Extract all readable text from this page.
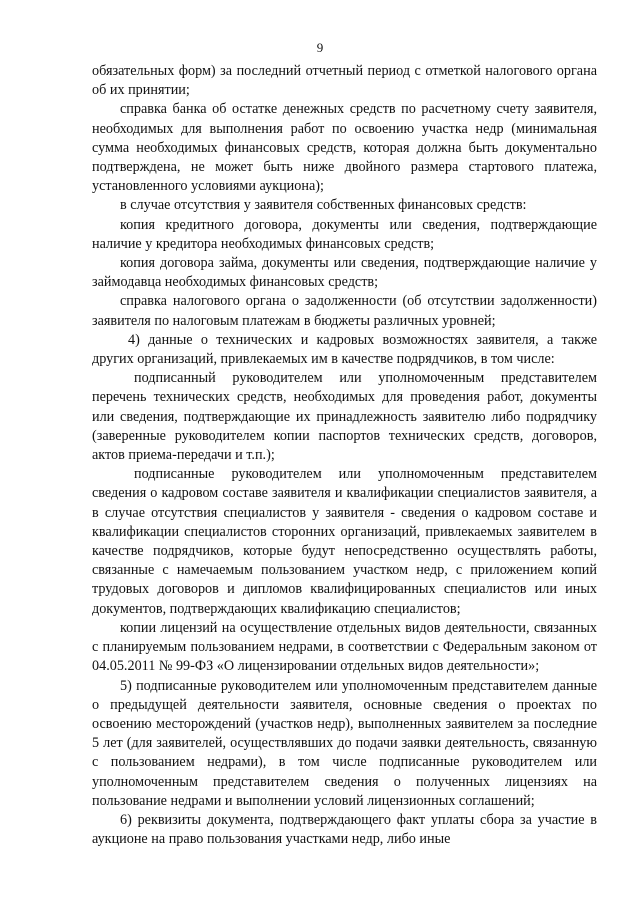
9

обязательных форм) за последний отчетный период с отметкой налогового органа об их принятии;

справка банка об остатке денежных средств по расчетному счету заявителя, необходимых для выполнения работ по освоению участка недр (минимальная сумма необходимых финансовых средств, которая должна быть документально подтверждена, не может быть ниже двойного размера стартового платежа, установленного условиями аукциона);

в случае отсутствия у заявителя собственных финансовых средств:

копия кредитного договора, документы или сведения, подтверждающие наличие у кредитора необходимых финансовых средств;

копия договора займа, документы или сведения, подтверждающие наличие у займодавца необходимых финансовых средств;

справка налогового органа о задолженности (об отсутствии задолженности) заявителя по налоговым платежам в бюджеты различных уровней;

4) данные о технических и кадровых возможностях заявителя, а также других организаций, привлекаемых им в качестве подрядчиков, в том числе:

подписанный руководителем или уполномоченным представителем перечень технических средств, необходимых для проведения работ, документы или сведения, подтверждающие их принадлежность заявителю либо подрядчику (заверенные руководителем копии паспортов технических средств, договоров, актов приема-передачи и т.п.);

подписанные руководителем или уполномоченным представителем сведения о кадровом составе заявителя и квалификации специалистов заявителя, а в случае отсутствия специалистов у заявителя - сведения о кадровом составе и квалификации специалистов сторонних организаций, привлекаемых заявителем в качестве подрядчиков, которые будут непосредственно осуществлять работы, связанные с намечаемым пользованием участком недр, с приложением копий трудовых договоров и дипломов квалифицированных специалистов или иных документов, подтверждающих квалификацию специалистов;

копии лицензий на осуществление отдельных видов деятельности, связанных с планируемым пользованием недрами, в соответствии с Федеральным законом от 04.05.2011 № 99-ФЗ «О лицензировании отдельных видов деятельности»;

5) подписанные руководителем или уполномоченным представителем данные о предыдущей деятельности заявителя, основные сведения о проектах по освоению месторождений (участков недр), выполненных заявителем за последние 5 лет (для заявителей, осуществлявших до подачи заявки деятельность, связанную с пользованием недрами), в том числе подписанные руководителем или уполномоченным представителем сведения о полученных лицензиях на пользование недрами и выполнении условий лицензионных соглашений;

6) реквизиты документа, подтверждающего факт уплаты сбора за участие в аукционе на право пользования участками недр, либо иные
